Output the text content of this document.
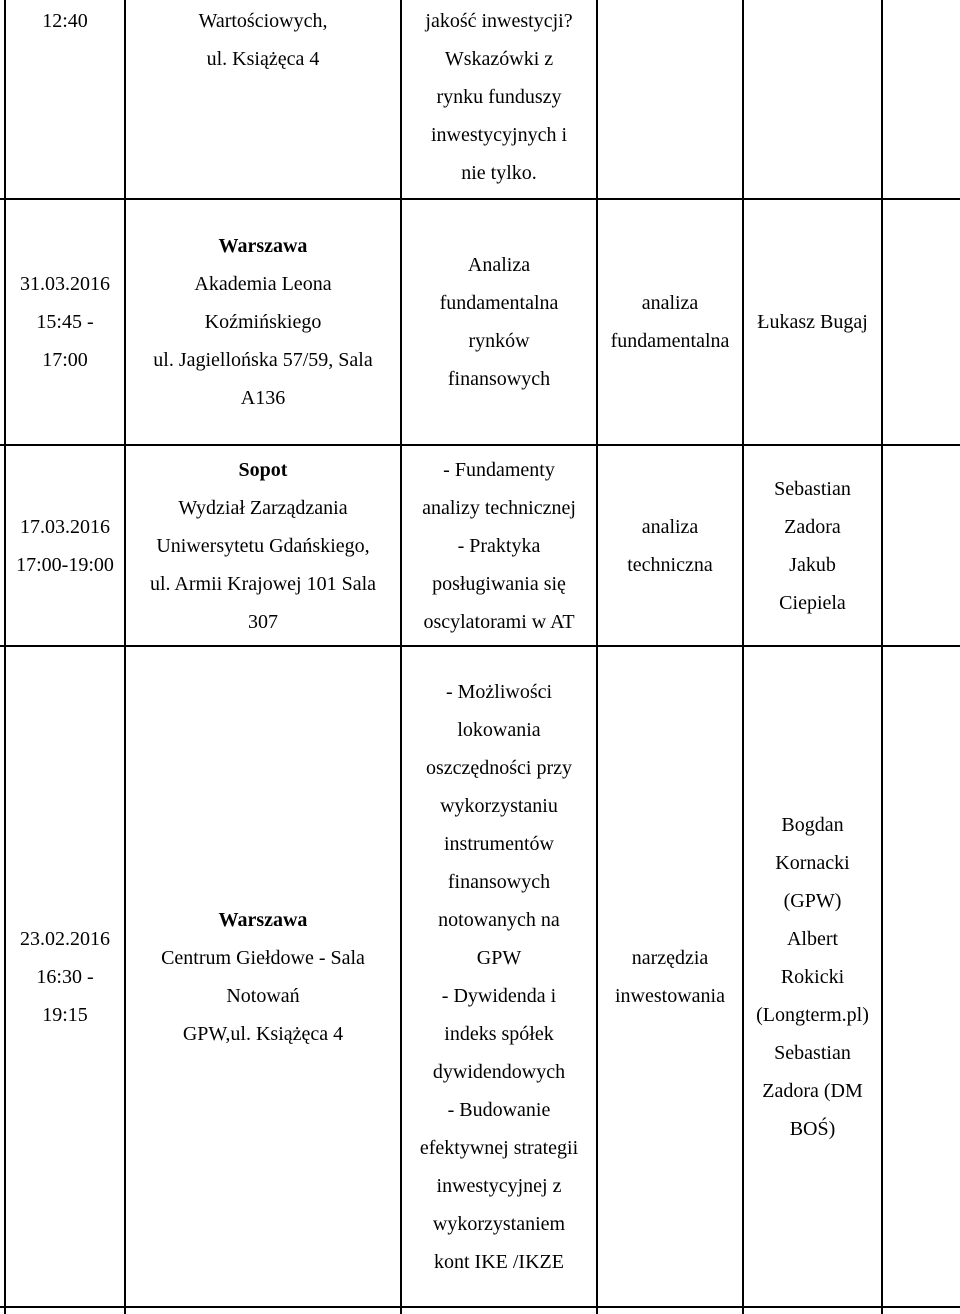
12:40	Wartościowych,
ul. Książęca 4
jakość inwestycji?
Wskazówki z
rynku funduszy
inwestycyjnych i
nie tylko.
31.03.2016
15:45 -
17:00
Warszawa
Akademia Leona
Koźmińskiego
ul. Jagiellońska 57/59, Sala
A136
Analiza
fundamentalna
rynków
finansowych
analiza
fundamentalna
Łukasz Bugaj
17.03.2016
17:00-19:00
Sopot
Wydział Zarządzania
Uniwersytetu Gdańskiego,
ul. Armii Krajowej 101 Sala
307
- Fundamenty
analizy technicznej
- Praktyka
posługiwania się
oscylatorami w AT
analiza
techniczna
Sebastian
Zadora
Jakub
Ciepiela
23.02.2016
16:30 -
19:15
Warszawa
Centrum Giełdowe - Sala
Notowań
GPW,ul. Książęca 4
- Możliwości
lokowania
oszczędności przy
wykorzystaniu
instrumentów
finansowych
notowanych na
GPW
- Dywidenda i
indeks spółek
dywidendowych
- Budowanie
efektywnej strategii
inwestycyjnej z
wykorzystaniem
kont IKE /IKZE
narzędzia
inwestowania
Bogdan
Kornacki
(GPW)
Albert
Rokicki
(Longterm.pl)
Sebastian
Zadora (DM
BOŚ)
